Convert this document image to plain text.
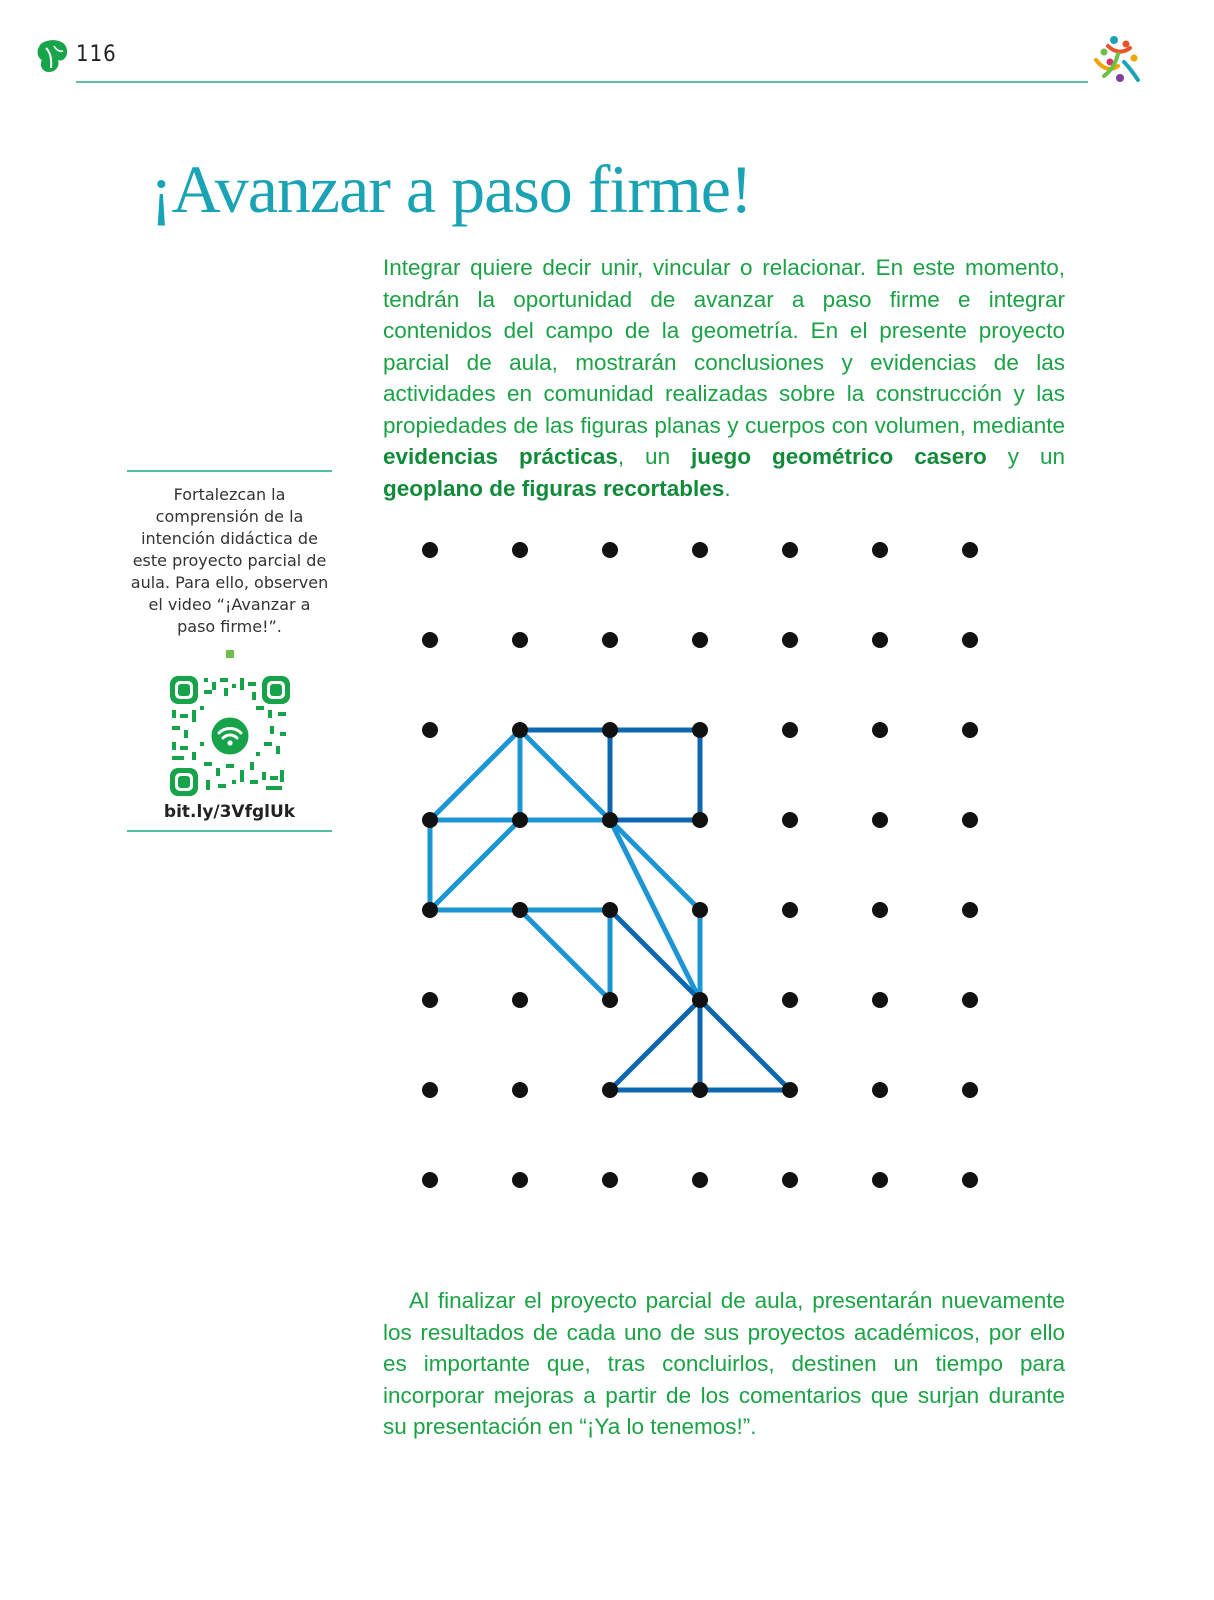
116
¡Avanzar a paso firme!

Integrar quiere decir unir, vincular o relacionar. En este momento, tendrán la oportunidad de avanzar a paso firme e integrar contenidos del campo de la geometría. En el presente proyecto parcial de aula, mostrarán conclusiones y evidencias de las actividades en comunidad realizadas sobre la construcción y las propiedades de las figuras planas y cuerpos con volumen, mediante evidencias prácticas, un juego geométrico casero y un geoplano de figuras recortables.

Fortalezcan la comprensión de la intención didáctica de este proyecto parcial de aula. Para ello, observen el video “¡Avanzar a paso firme!”.

bit.ly/3VfglUk

Al finalizar el proyecto parcial de aula, presentarán nuevamente los resultados de cada uno de sus proyectos académicos, por ello es importante que, tras concluirlos, destinen un tiempo para incorporar mejoras a partir de los comentarios que surjan durante su presentación en “¡Ya lo tenemos!”.
